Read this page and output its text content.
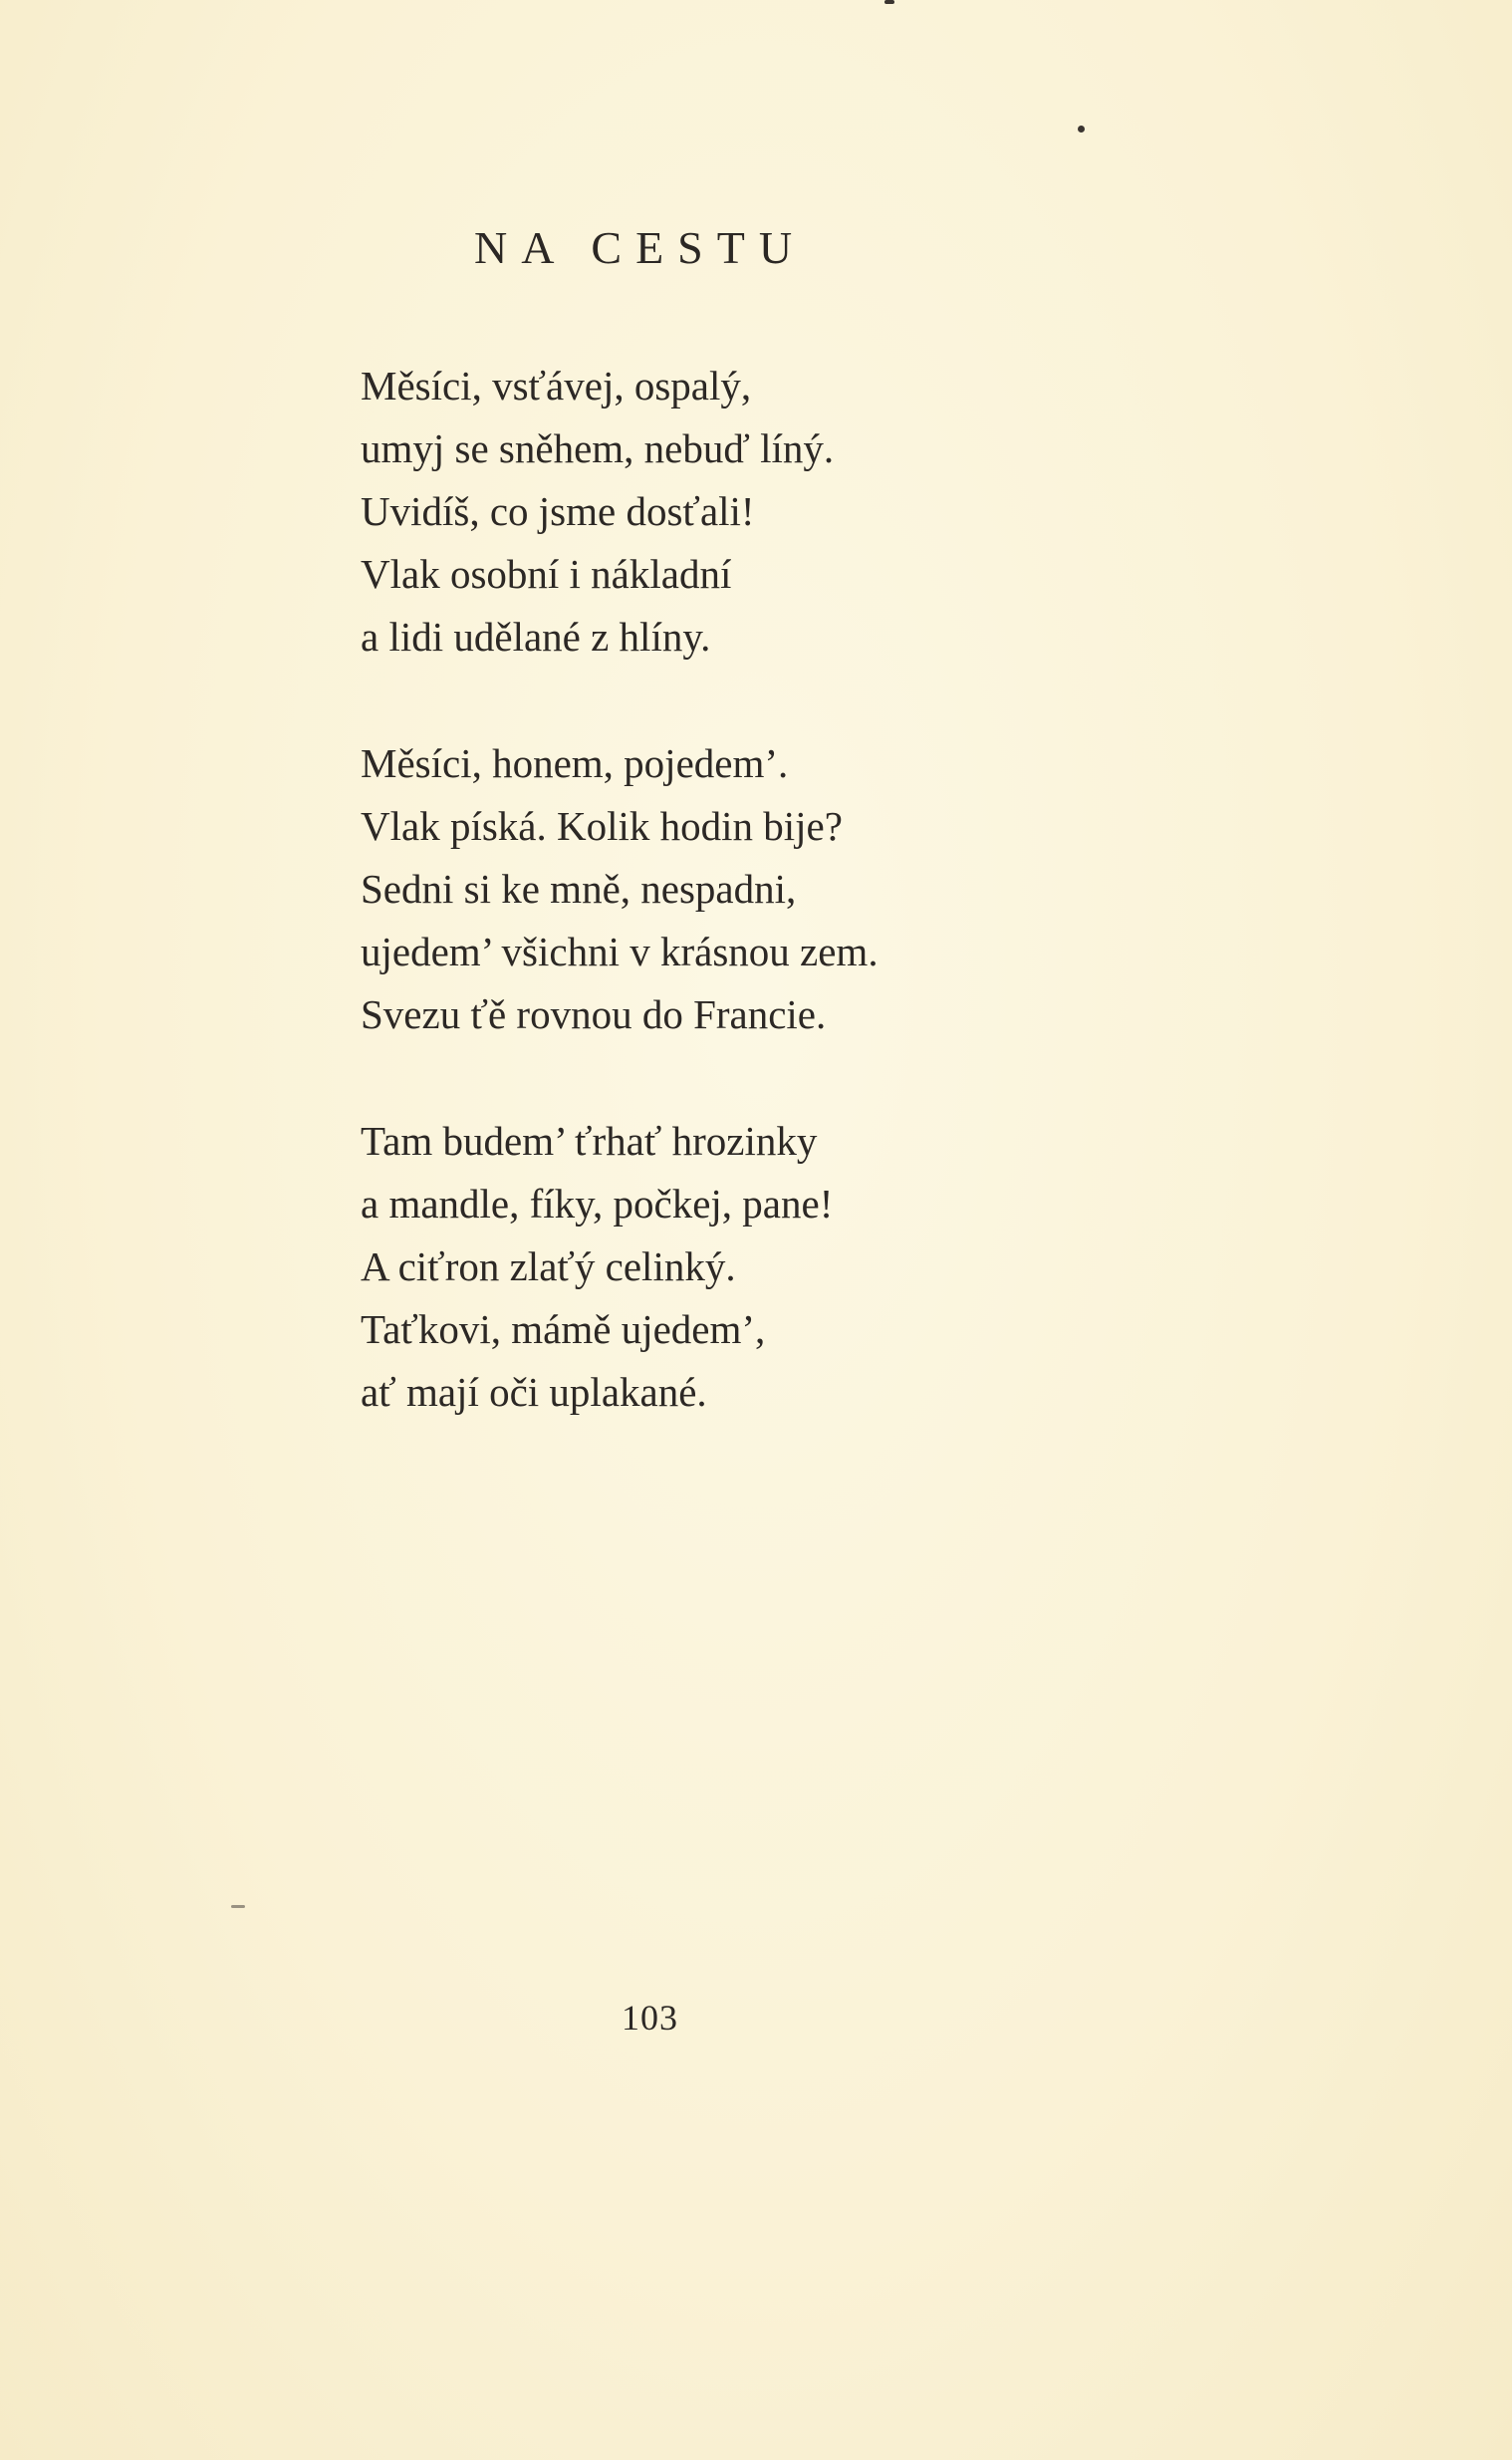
NA CESTU
Měsíci, vsťávej, ospalý,
umyj se sněhem, nebuď líný.
Uvidíš, co jsme dosťali!
Vlak osobní i nákladní
a lidi udělané z hlíny.
Měsíci, honem, pojedem’.
Vlak píská. Kolik hodin bije?
Sedni si ke mně, nespadni,
ujedem’ všichni v krásnou zem.
Svezu ťě rovnou do Francie.
Tam budem’ ťrhať hrozinky
a mandle, fíky, počkej, pane!
A ciťron zlaťý celinký.
Taťkovi, mámě ujedem’,
ať mají oči uplakané.
103
